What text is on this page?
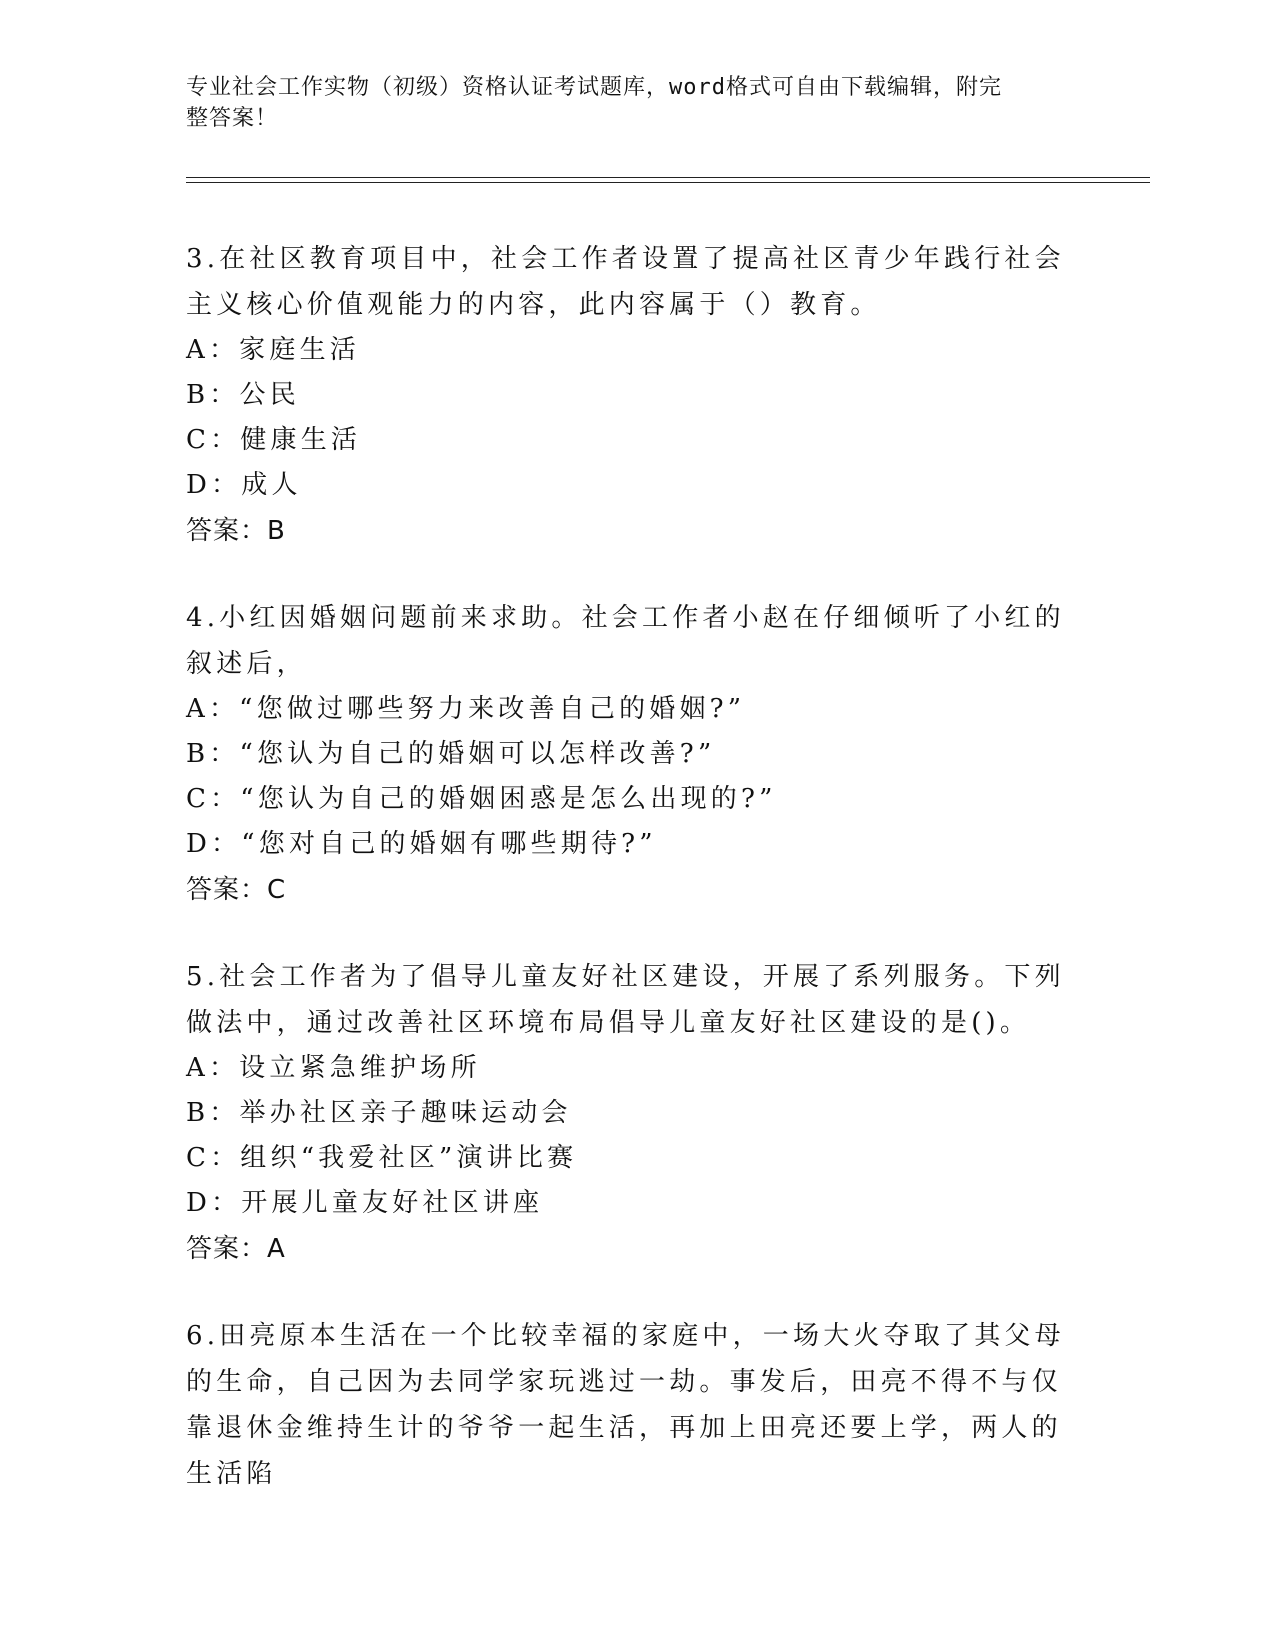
专业社会工作实物（初级）资格认证考试题库，word格式可自由下载编辑，附完
整答案！

3.在社区教育项目中，社会工作者设置了提高社区青少年践行社会主义核心价值观能力的内容，此内容属于（）教育。

A：家庭生活

B：公民

C：健康生活

D：成人

答案：B

4.小红因婚姻问题前来求助。社会工作者小赵在仔细倾听了小红的叙述后，

A：“您做过哪些努力来改善自己的婚姻?”

B：“您认为自己的婚姻可以怎样改善?”

C：“您认为自己的婚姻困惑是怎么出现的?”

D：“您对自己的婚姻有哪些期待?”

答案：C

5.社会工作者为了倡导儿童友好社区建设，开展了系列服务。下列做法中，通过改善社区环境布局倡导儿童友好社区建设的是()。

A：设立紧急维护场所

B：举办社区亲子趣味运动会

C：组织“我爱社区”演讲比赛

D：开展儿童友好社区讲座

答案：A

6.田亮原本生活在一个比较幸福的家庭中，一场大火夺取了其父母的生命，自己因为去同学家玩逃过一劫。事发后，田亮不得不与仅靠退休金维持生计的爷爷一起生活，再加上田亮还要上学，两人的生活陷
